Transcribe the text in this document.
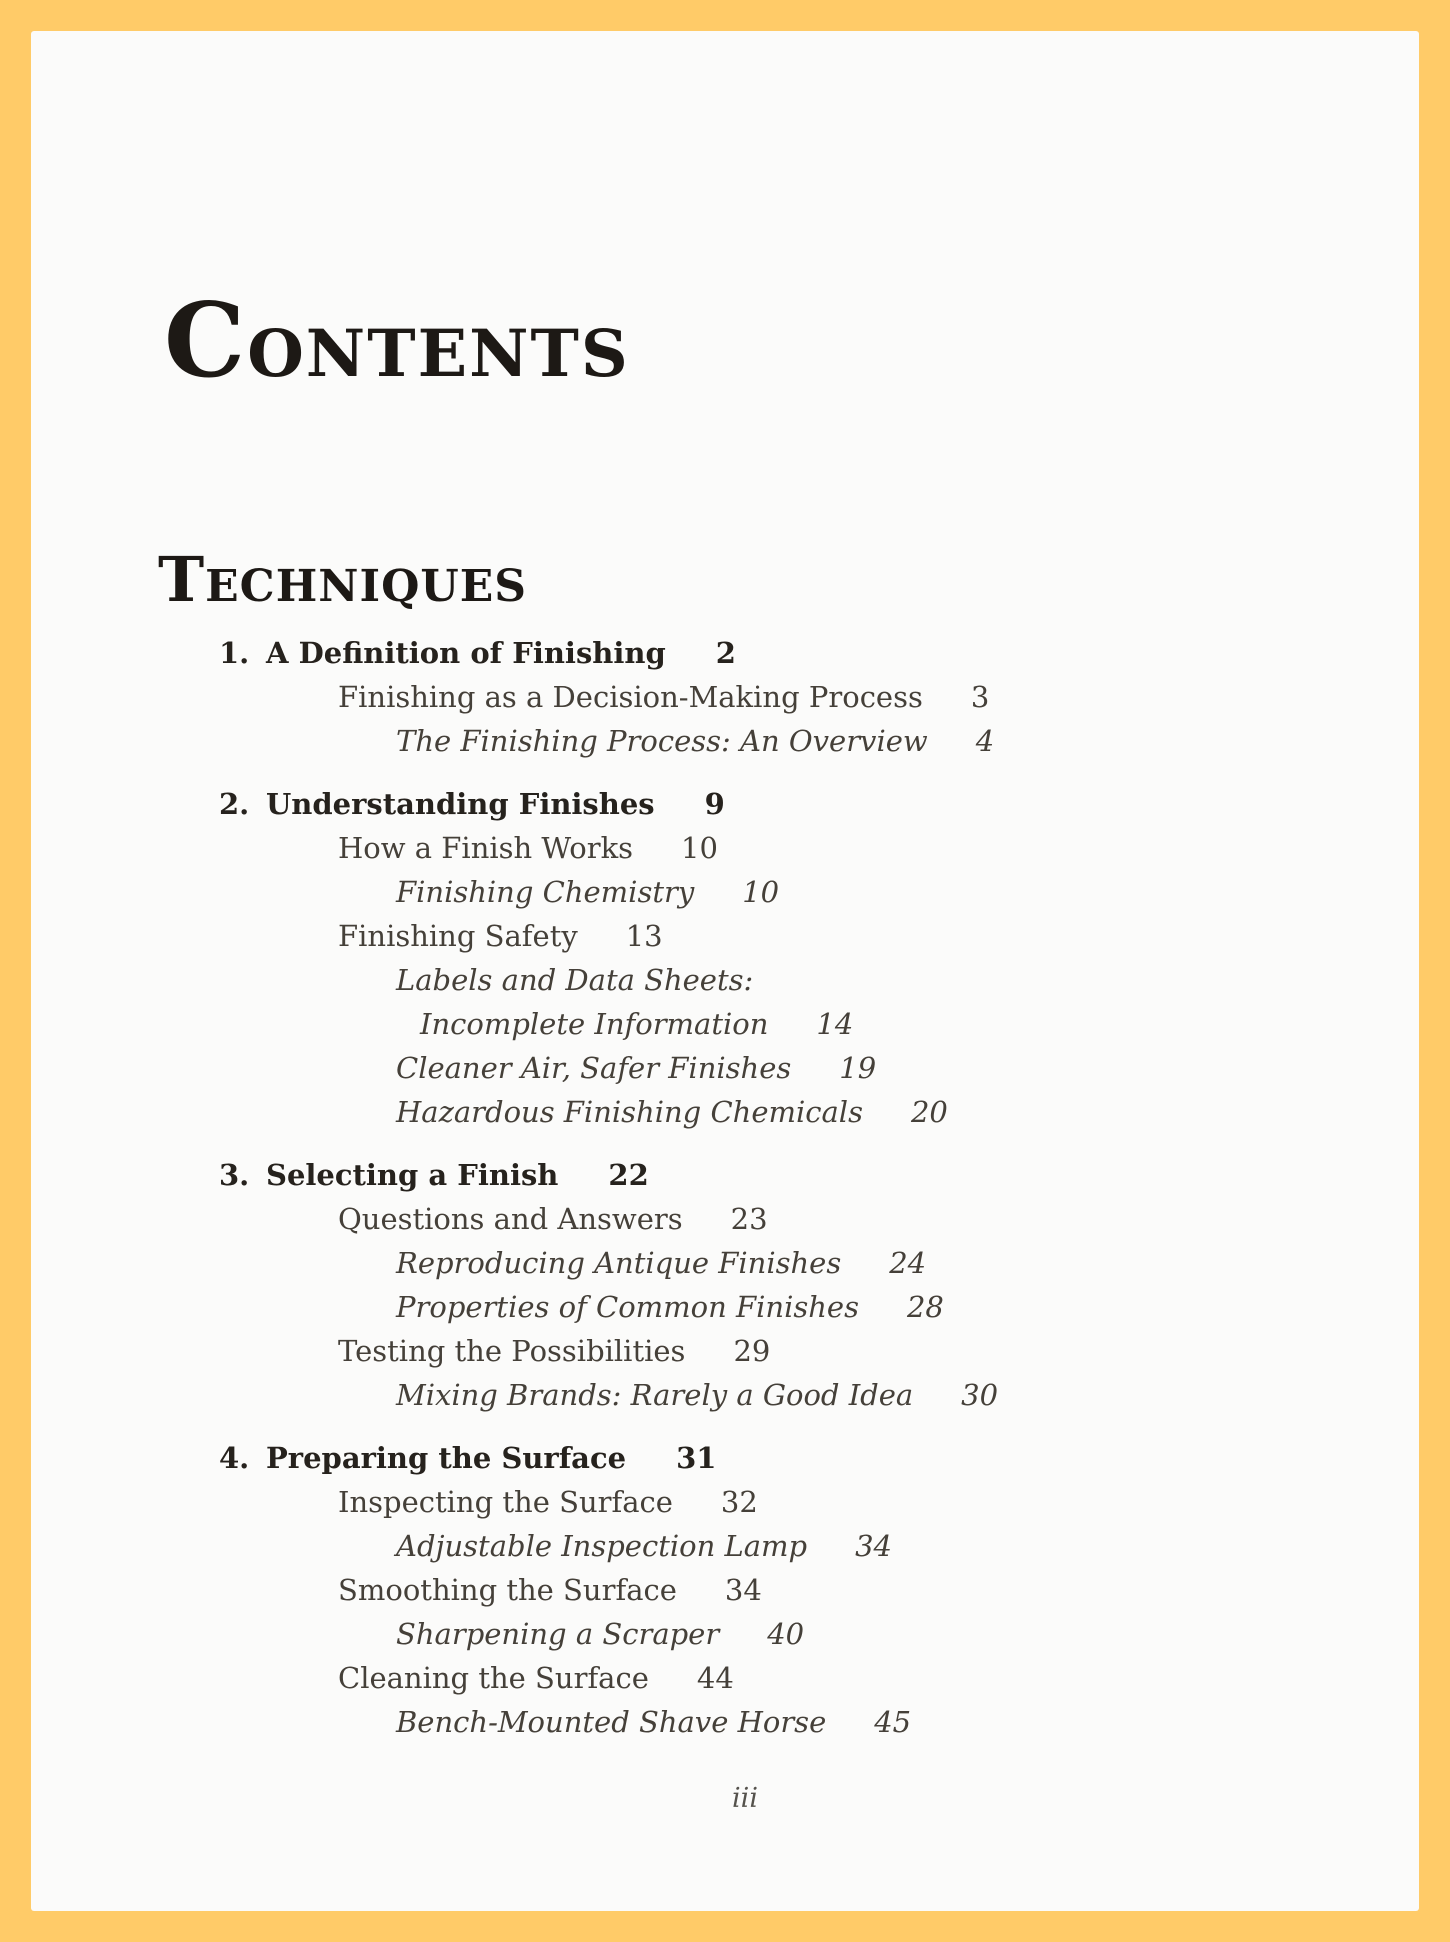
CONTENTS
TECHNIQUES
1. A Definition of Finishing 2
Finishing as a Decision-Making Process 3
The Finishing Process: An Overview 4
2. Understanding Finishes 9
How a Finish Works 10
Finishing Chemistry 10
Finishing Safety 13
Labels and Data Sheets:
Incomplete Information 14
Cleaner Air, Safer Finishes 19
Hazardous Finishing Chemicals 20
3. Selecting a Finish 22
Questions and Answers 23
Reproducing Antique Finishes 24
Properties of Common Finishes 28
Testing the Possibilities 29
Mixing Brands: Rarely a Good Idea 30
4. Preparing the Surface 31
Inspecting the Surface 32
Adjustable Inspection Lamp 34
Smoothing the Surface 34
Sharpening a Scraper 40
Cleaning the Surface 44
Bench-Mounted Shave Horse 45
iii
